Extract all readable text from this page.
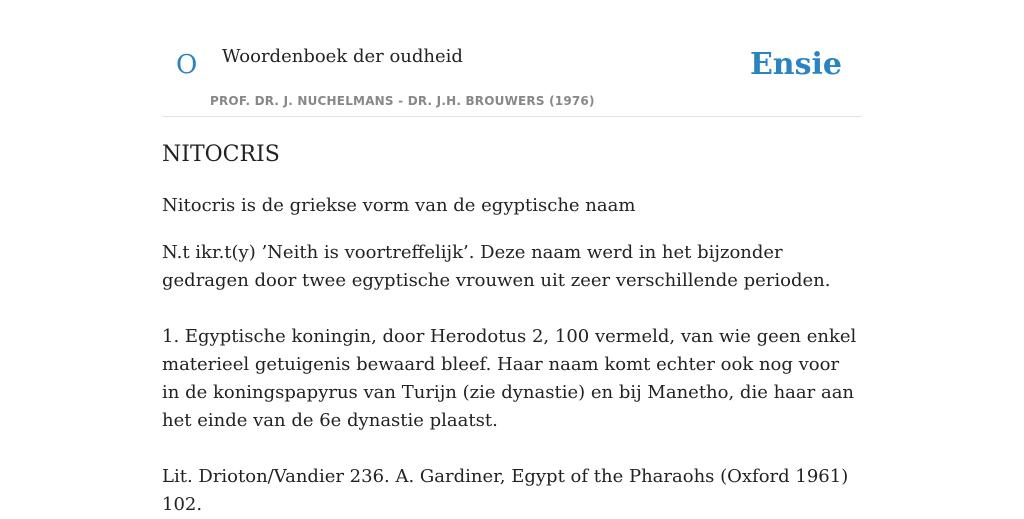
O Woordenboek der oudheid
PROF. DR. J. NUCHELMANS - DR. J.H. BROUWERS (1976)
Ensie
NITOCRIS

Nitocris is de griekse vorm van de egyptische naam

N.t ikr.t(y) ’Neith is voortreffelijk’. Deze naam werd in het bijzonder gedragen door twee egyptische vrouwen uit zeer verschillende perioden.

1. Egyptische koningin, door Herodotus 2, 100 vermeld, van wie geen enkel materieel getuigenis bewaard bleef. Haar naam komt echter ook nog voor in de koningspapyrus van Turijn (zie dynastie) en bij Manetho, die haar aan het einde van de 6e dynastie plaatst.

Lit. Drioton/Vandier 236. A. Gardiner, Egypt of the Pharaohs (Oxford 1961) 102.
